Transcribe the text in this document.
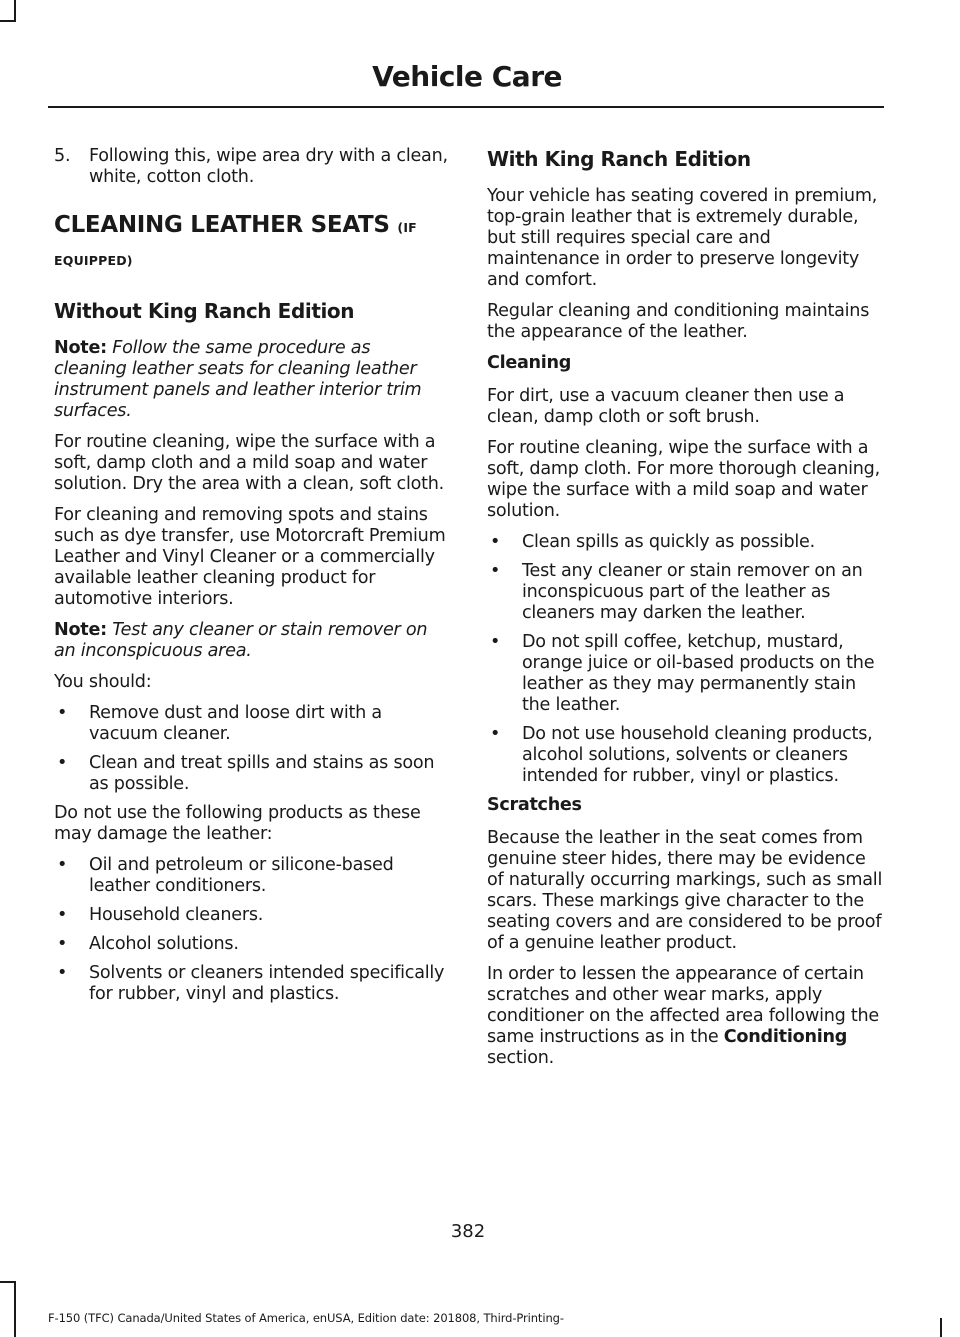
Vehicle Care
5.	Following this, wipe area dry with a clean, white, cotton cloth.
CLEANING LEATHER SEATS (IF EQUIPPED)
Without King Ranch Edition

Note: Follow the same procedure as cleaning leather seats for cleaning leather instrument panels and leather interior trim surfaces.

For routine cleaning, wipe the surface with a soft, damp cloth and a mild soap and water solution. Dry the area with a clean, soft cloth.

For cleaning and removing spots and stains such as dye transfer, use Motorcraft Premium Leather and Vinyl Cleaner or a commercially available leather cleaning product for automotive interiors.

Note: Test any cleaner or stain remover on an inconspicuous area.

You should:

•	Remove dust and loose dirt with a vacuum cleaner.
•	Clean and treat spills and stains as soon as possible.

Do not use the following products as these may damage the leather:

•	Oil and petroleum or silicone-based leather conditioners.
•	Household cleaners.
•	Alcohol solutions.
•	Solvents or cleaners intended specifically for rubber, vinyl and plastics.
With King Ranch Edition

Your vehicle has seating covered in premium, top-grain leather that is extremely durable, but still requires special care and maintenance in order to preserve longevity and comfort.

Regular cleaning and conditioning maintains the appearance of the leather.

Cleaning

For dirt, use a vacuum cleaner then use a clean, damp cloth or soft brush.

For routine cleaning, wipe the surface with a soft, damp cloth. For more thorough cleaning, wipe the surface with a mild soap and water solution.

•	Clean spills as quickly as possible.
•	Test any cleaner or stain remover on an inconspicuous part of the leather as cleaners may darken the leather.
•	Do not spill coffee, ketchup, mustard, orange juice or oil-based products on the leather as they may permanently stain the leather.
•	Do not use household cleaning products, alcohol solutions, solvents or cleaners intended for rubber, vinyl or plastics.
Scratches

Because the leather in the seat comes from genuine steer hides, there may be evidence of naturally occurring markings, such as small scars. These markings give character to the seating covers and are considered to be proof of a genuine leather product.

In order to lessen the appearance of certain scratches and other wear marks, apply conditioner on the affected area following the same instructions as in the Conditioning section.

382
F-150 (TFC) Canada/United States of America, enUSA, Edition date: 201808, Third-Printing-
